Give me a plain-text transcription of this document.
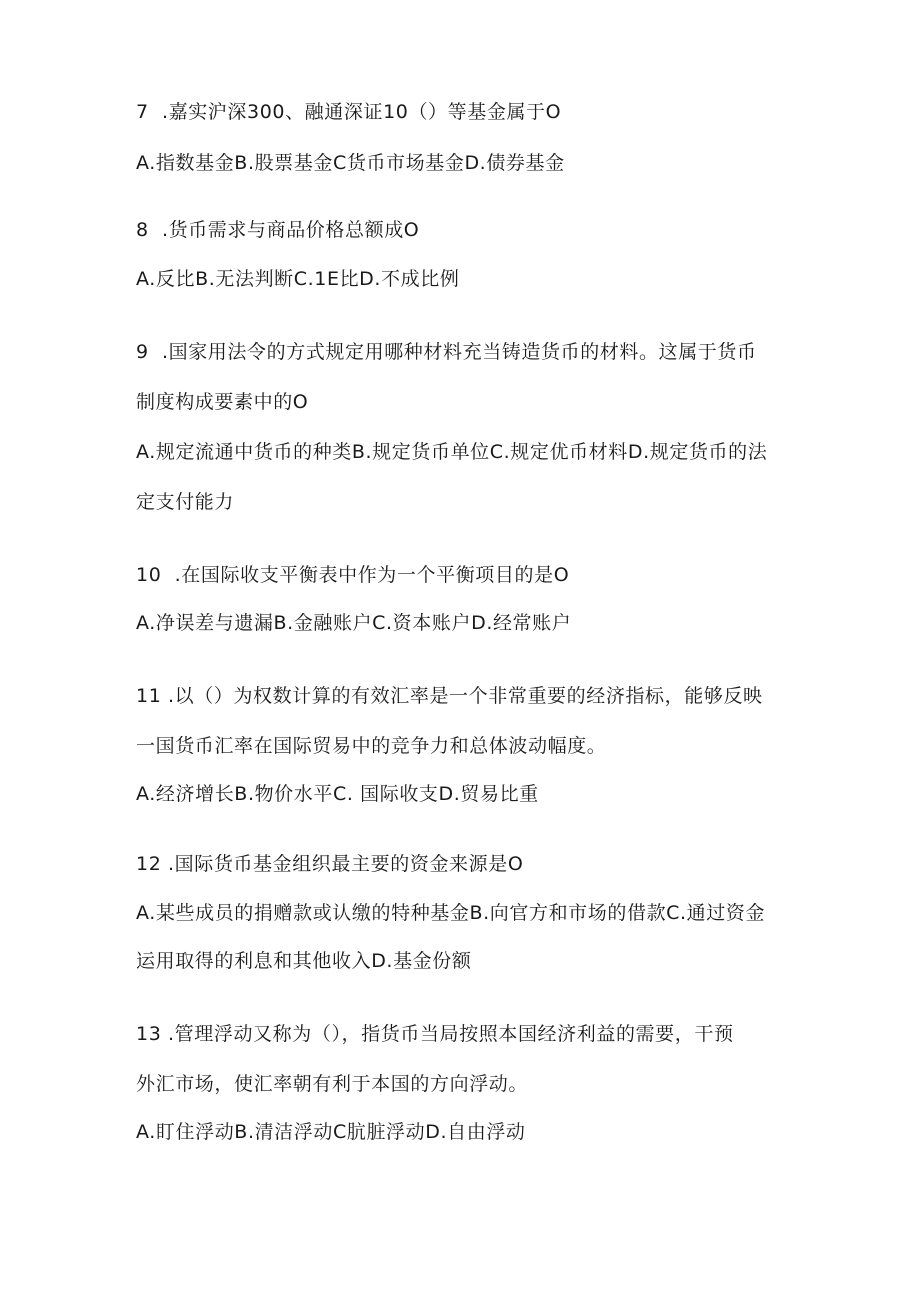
7  .嘉实沪深300、融通深证10（）等基金属于O
A.指数基金B.股票基金C货币市场基金D.债券基金
8  .货币需求与商品价格总额成O
A.反比B.无法判断C.1E比D.不成比例
9  .国家用法令的方式规定用哪种材料充当铸造货币的材料。这属于货币
制度构成要素中的O
A.规定流通中货币的种类B.规定货币单位C.规定优币材料D.规定货币的法
定支付能力
10  .在国际收支平衡表中作为一个平衡项目的是O
A.净误差与遗漏B.金融账户C.资本账户D.经常账户
11 .以（）为权数计算的有效汇率是一个非常重要的经济指标，能够反映
一国货币汇率在国际贸易中的竞争力和总体波动幅度。
A.经济增长B.物价水平C. 国际收支D.贸易比重
12 .国际货币基金组织最主要的资金来源是O
A.某些成员的捐赠款或认缴的特种基金B.向官方和市场的借款C.通过资金
运用取得的利息和其他收入D.基金份额
13 .管理浮动又称为（），指货币当局按照本国经济利益的需要，干预
外汇市场，使汇率朝有利于本国的方向浮动。
A.盯住浮动B.清洁浮动C肮脏浮动D.自由浮动
